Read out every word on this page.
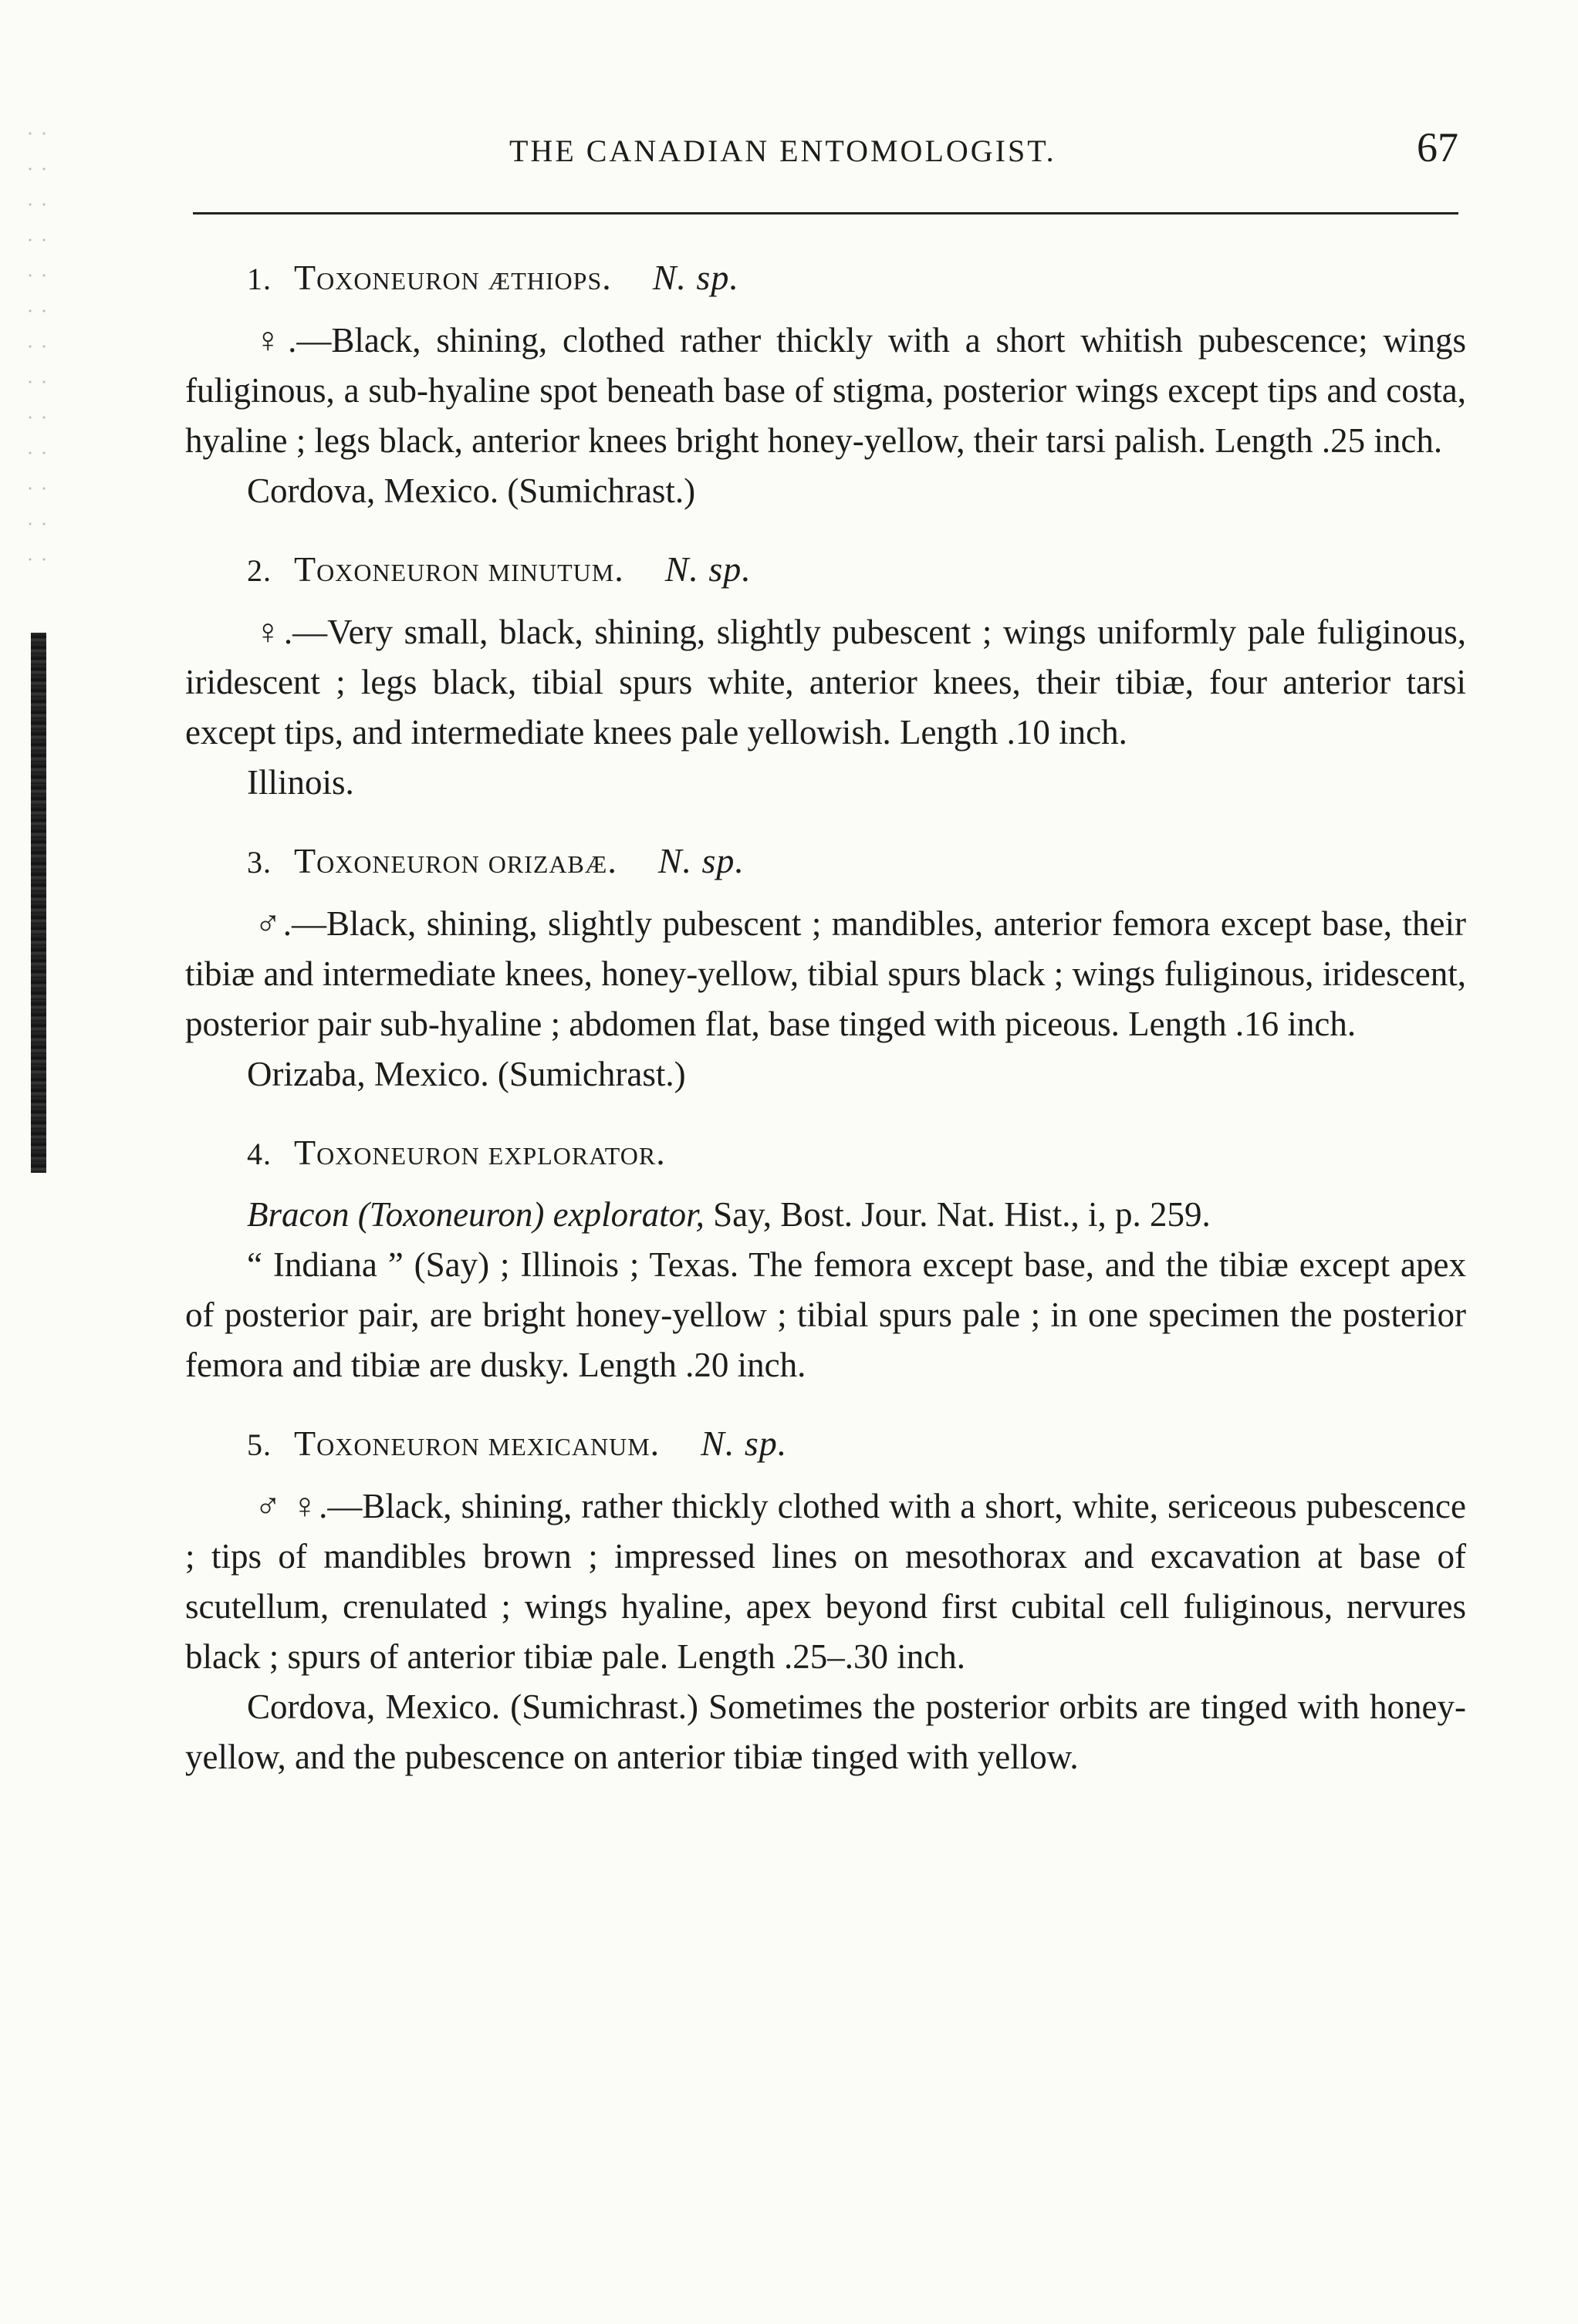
THE CANADIAN ENTOMOLOGIST.	67
1. Toxoneuron æthiops. N. sp.

♀.—Black, shining, clothed rather thickly with a short whitish pubescence; wings fuliginous, a sub-hyaline spot beneath base of stigma, posterior wings except tips and costa, hyaline ; legs black, anterior knees bright honey-yellow, their tarsi palish. Length .25 inch.

Cordova, Mexico. (Sumichrast.)

2. Toxoneuron minutum. N. sp.

♀.—Very small, black, shining, slightly pubescent ; wings uniformly pale fuliginous, iridescent ; legs black, tibial spurs white, anterior knees, their tibiæ, four anterior tarsi except tips, and intermediate knees pale yellowish. Length .10 inch.

Illinois.

3. Toxoneuron orizabæ. N. sp.

♂.—Black, shining, slightly pubescent ; mandibles, anterior femora except base, their tibiæ and intermediate knees, honey-yellow, tibial spurs black ; wings fuliginous, iridescent, posterior pair sub-hyaline ; abdomen flat, base tinged with piceous. Length .16 inch.

Orizaba, Mexico. (Sumichrast.)

4. Toxoneuron explorator.

Bracon (Toxoneuron) explorator, Say, Bost. Jour. Nat. Hist., i, p. 259.

“ Indiana ” (Say) ; Illinois ; Texas. The femora except base, and the tibiæ except apex of posterior pair, are bright honey-yellow ; tibial spurs pale ; in one specimen the posterior femora and tibiæ are dusky. Length .20 inch.

5. Toxoneuron mexicanum. N. sp.

♂ ♀.—Black, shining, rather thickly clothed with a short, white, sericeous pubescence ; tips of mandibles brown ; impressed lines on mesothorax and excavation at base of scutellum, crenulated ; wings hyaline, apex beyond first cubital cell fuliginous, nervures black ; spurs of anterior tibiæ pale. Length .25–.30 inch.

Cordova, Mexico. (Sumichrast.) Sometimes the posterior orbits are tinged with honey-yellow, and the pubescence on anterior tibiæ tinged with yellow.
